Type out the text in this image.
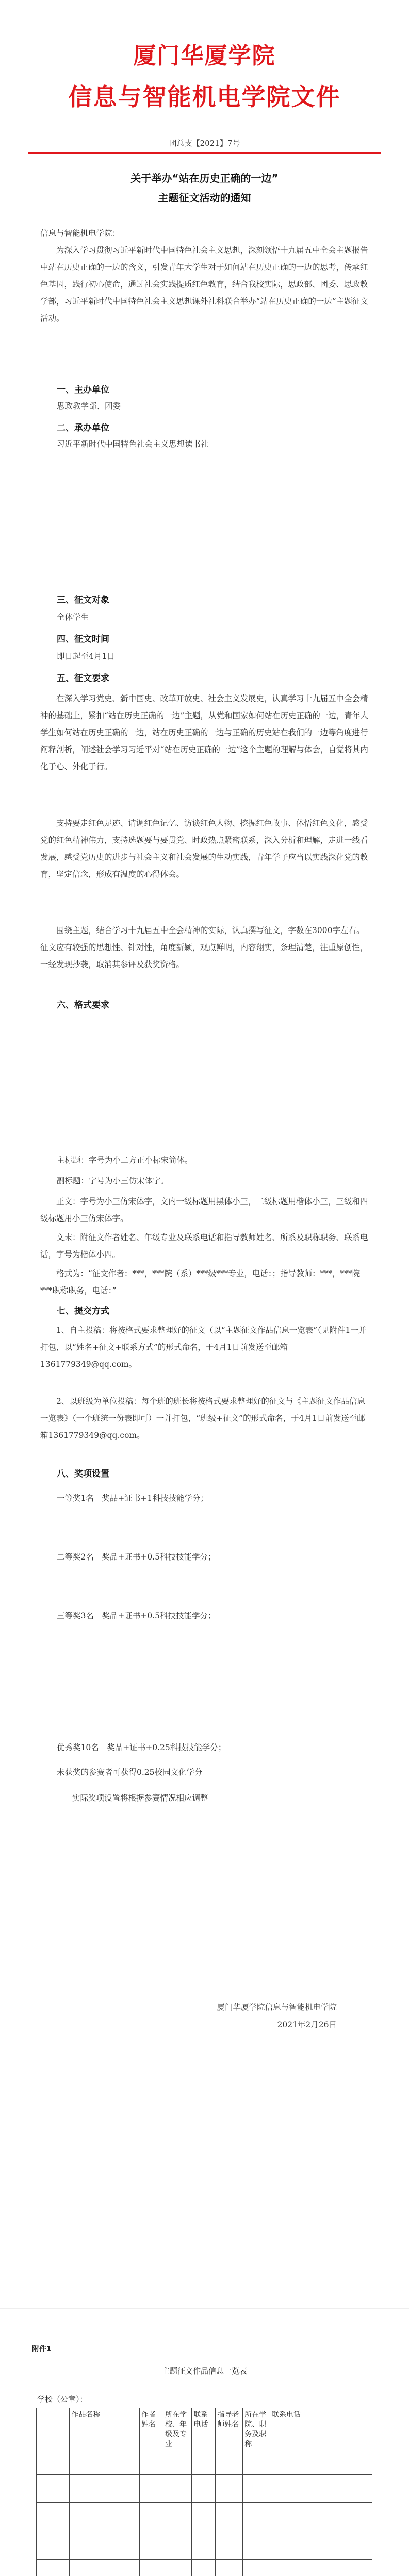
厦门华厦学院
信息与智能机电学院文件
团总支【2021】7号
关于举办“站在历史正确的一边”
主题征文活动的通知
信息与智能机电学院：
为深入学习贯彻习近平新时代中国特色社会主义思想，深刻领悟十九届五中全会主题报告中站在历史正确的一边的含义，引发青年大学生对于如何站在历史正确的一边的思考，传承红色基因，践行初心使命，通过社会实践提质红色教育，结合我校实际，思政部、团委、思政教学部，习近平新时代中国特色社会主义思想课外社科联合举办“站在历史正确的一边”主题征文活动。
一、主办单位
思政教学部、团委
二、承办单位
习近平新时代中国特色社会主义思想读书社
三、征文对象
全体学生
四、征文时间
即日起至4月1日
五、征文要求
在深入学习党史、新中国史、改革开放史、社会主义发展史，认真学习十九届五中全会精神的基础上，紧扣“站在历史正确的一边”主题，从党和国家如何站在历史正确的一边，青年大学生如何站在历史正确的一边，站在历史正确的一边与正确的历史站在我们的一边等角度进行阐释剖析，阐述社会学习习近平对“站在历史正确的一边”这个主题的理解与体会，自觉将其内化于心、外化于行。
支持要走红色足迹、请调红色记忆、访谈红色人物、挖掘红色故事、体悟红色文化，感受党的红色精神伟力，支持选题要与要贯党、时政热点紧密联系，深入分析和理解，走进一线看发展，感受党历史的进步与社会主义和社会发展的生动实践，青年学子应当以实践深化党的教育，坚定信念，形成有温度的心得体会。
围绕主题，结合学习十九届五中全会精神的实际，认真撰写征文，字数在3000字左右。征文应有较强的思想性、针对性，角度新颖，观点鲜明，内容翔实，条理清楚，注重原创性，一经发现抄袭，取消其参评及获奖资格。
六、格式要求
主标题：字号为小二方正小标宋简体。
副标题：字号为小三仿宋体字。
正文：字号为小三仿宋体字，文内一级标题用黑体小三，二级标题用楷体小三，三级和四级标题用小三仿宋体字。
文末：附征文作者姓名、年级专业及联系电话和指导教师姓名、所系及职称职务、联系电话，字号为楷体小四。
格式为：“征文作者：***，***院（系）***级***专业，电话：；指导教师：***，***院***职称职务，电话：”
七、提交方式
1、自主投稿：将按格式要求整理好的征文（以“主题征文作品信息一览表”（见附件1一并打包，以“姓名+征文+联系方式”的形式命名，于4月1日前发送至邮箱1361779349@qq.com。
2、以班级为单位投稿：每个班的班长将按格式要求整理好的征文与《主题征文作品信息一览表》（一个班统一份表即可）一并打包，“班级+征文”的形式命名，于4月1日前发送至邮箱1361779349@qq.com。
八、奖项设置
一等奖1名　奖品+证书+1科技技能学分；
二等奖2名　奖品+证书+0.5科技技能学分；
三等奖3名　奖品+证书+0.5科技技能学分；
优秀奖10名　奖品+证书+0.25科技技能学分；
未获奖的参赛者可获得0.25校园文化学分
实际奖项设置将根据参赛情况相应调整
厦门华厦学院信息与智能机电学院
2021年2月26日
附件1
主题征文作品信息一览表
学校（公章）：
	作品名称	作者姓名	所在学校、年级及专业	联系电话	指导老师姓名	所在学院、职务及职称	联系电话	
